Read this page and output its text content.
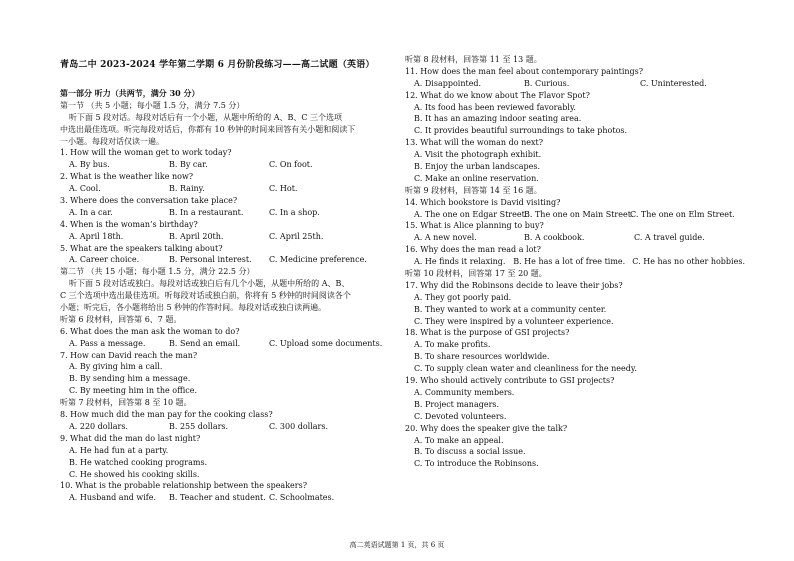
青岛二中 2023-2024 学年第二学期 6 月份阶段练习——高二试题（英语）
第一部分 听力（共两节，满分 30 分）
第一节 （共 5 小题；每小题 1.5 分，满分 7.5 分）
听下面 5 段对话。每段对话后有一个小题，从题中所给的 A、B、C 三个选项
中选出最佳选项。听完每段对话后，你都有 10 秒钟的时间来回答有关小题和阅读下
一小题。每段对话仅读一遍。
1. How will the woman get to work today?
A. By bus.	B. By car.	C. On foot.
2. What is the weather like now?
A. Cool.	B. Rainy.	C. Hot.
3. Where does the conversation take place?
A. In a car.	B. In a restaurant.	C. In a shop.
4. When is the woman’s birthday?
A. April 18th.	B. April 20th.	C. April 25th.
5. What are the speakers talking about?
A. Career choice.	B. Personal interest.	C. Medicine preference.
第二节 （共 15 小题；每小题 1.5 分，满分 22.5 分）
听下面 5 段对话或独白。每段对话或独白后有几个小题，从题中所给的 A、B、
C 三个选项中选出最佳选项。听每段对话或独白前，你将有 5 秒钟的时间阅读各个
小题；听完后，各小题将给出 5 秒钟的作答时间。每段对话或独白读两遍。
听第 6 段材料，回答第 6、7 题。
6. What does the man ask the woman to do?
A. Pass a message.	B. Send an email.	C. Upload some documents.
7. How can David reach the man?
A. By giving him a call.
B. By sending him a message.
C. By meeting him in the office.
听第 7 段材料，回答第 8 至 10 题。
8. How much did the man pay for the cooking class?
A. 220 dollars.	B. 255 dollars.	C. 300 dollars.
9. What did the man do last night?
A. He had fun at a party.
B. He watched cooking programs.
C. He showed his cooking skills.
10. What is the probable relationship between the speakers?
A. Husband and wife.	B. Teacher and student. C. Schoolmates.
听第 8 段材料，回答第 11 至 13 题。
11. How does the man feel about contemporary paintings?
A. Disappointed.	B. Curious.	C. Uninterested.
12. What do we know about The Flavor Spot?
A. Its food has been reviewed favorably.
B. It has an amazing indoor seating area.
C. It provides beautiful surroundings to take photos.
13. What will the woman do next?
A. Visit the photograph exhibit.
B. Enjoy the urban landscapes.
C. Make an online reservation.
听第 9 段材料，回答第 14 至 16 题。
14. Which bookstore is David visiting?
A. The one on Edgar Street.
B. The one on Main Street.
C. The one on Elm Street.
15. What is Alice planning to buy?
A. A new novel.	B. A cookbook.	C. A travel guide.
16. Why does the man read a lot?
A. He finds it relaxing. B. He has a lot of free time. C. He has no other hobbies.
听第 10 段材料，回答第 17 至 20 题。
17. Why did the Robinsons decide to leave their jobs?
A. They got poorly paid.
B. They wanted to work at a community center.
C. They were inspired by a volunteer experience.
18. What is the purpose of GSI projects?
A. To make profits.
B. To share resources worldwide.
C. To supply clean water and cleanliness for the needy.
19. Who should actively contribute to GSI projects?
A. Community members.
B. Project managers.
C. Devoted volunteers.
20. Why does the speaker give the talk?
A. To make an appeal.
B. To discuss a social issue.
C. To introduce the Robinsons.
高二英语试题第 1 页，共 6 页
